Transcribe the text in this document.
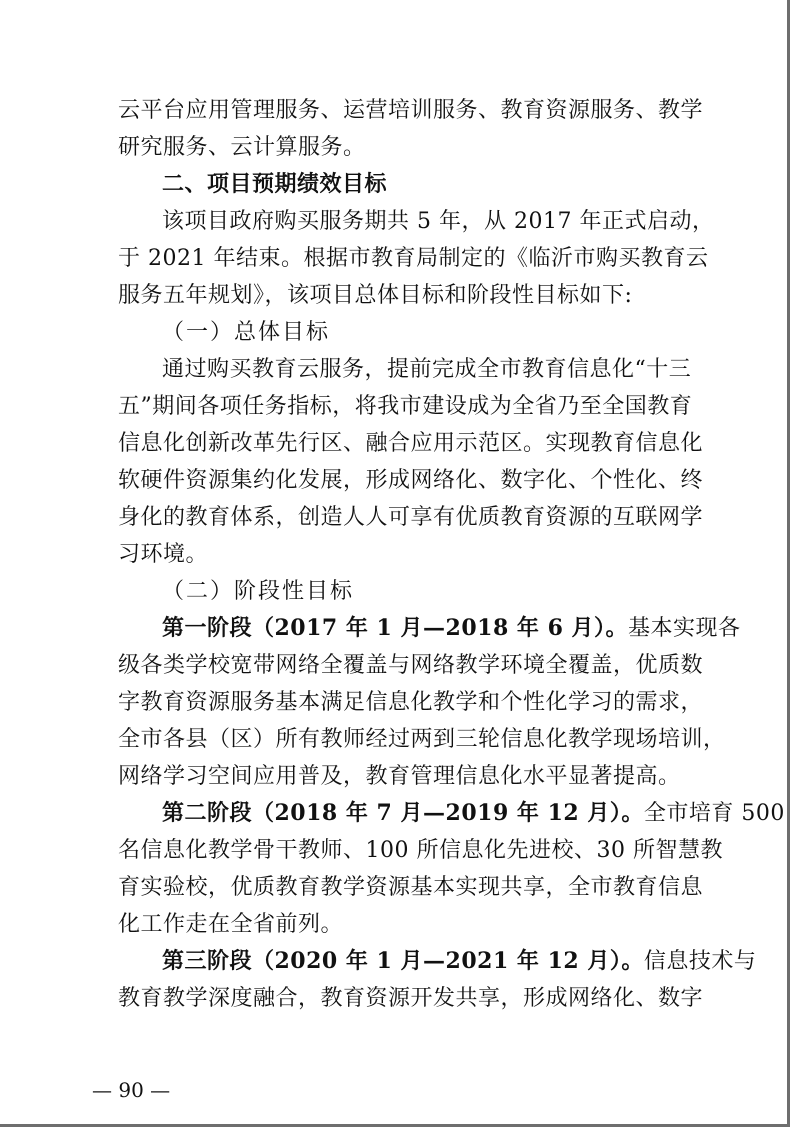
云平台应用管理服务、运营培训服务、教育资源服务、教学
研究服务、云计算服务。
二、项目预期绩效目标
该项目政府购买服务期共 5 年，从 2017 年正式启动，
于 2021 年结束。根据市教育局制定的《临沂市购买教育云
服务五年规划》，该项目总体目标和阶段性目标如下:
（一）总体目标
通过购买教育云服务，提前完成全市教育信息化“十三
五”期间各项任务指标，将我市建设成为全省乃至全国教育
信息化创新改革先行区、融合应用示范区。实现教育信息化
软硬件资源集约化发展，形成网络化、数字化、个性化、终
身化的教育体系，创造人人可享有优质教育资源的互联网学
习环境。
（二）阶段性目标
第一阶段（2017 年 1 月—2018 年 6 月）。基本实现各
级各类学校宽带网络全覆盖与网络教学环境全覆盖，优质数
字教育资源服务基本满足信息化教学和个性化学习的需求，
全市各县（区）所有教师经过两到三轮信息化教学现场培训，
网络学习空间应用普及，教育管理信息化水平显著提高。
第二阶段（2018 年 7 月—2019 年 12 月）。全市培育 500
名信息化教学骨干教师、100 所信息化先进校、30 所智慧教
育实验校，优质教育教学资源基本实现共享，全市教育信息
化工作走在全省前列。
第三阶段（2020 年 1 月—2021 年 12 月）。信息技术与
教育教学深度融合，教育资源开发共享，形成网络化、数字
— 90 —
